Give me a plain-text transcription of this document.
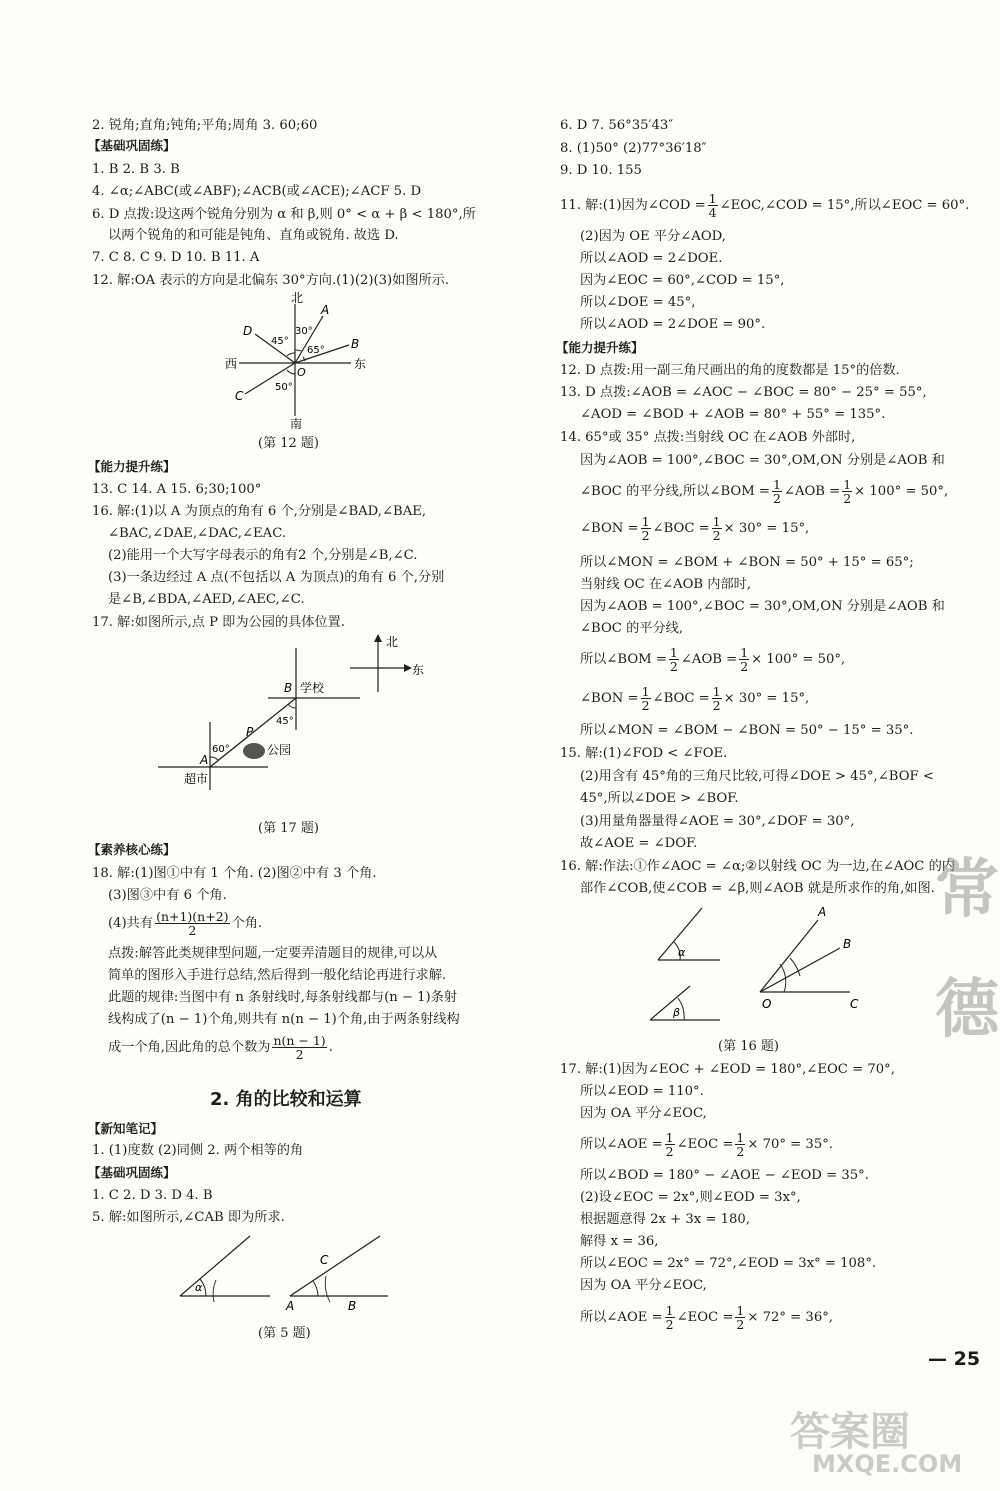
2. 锐角;直角;钝角;平角;周角 3. 60;60
【基础巩固练】
1. B 2. B 3. B
4. ∠α;∠ABC(或∠ABF);∠ACB(或∠ACE);∠ACF 5. D
6. D 点拨:设这两个锐角分别为 α 和 β,则 0° < α + β < 180°,所
以两个锐角的和可能是钝角、直角或锐角. 故选 D.
7. C 8. C 9. D 10. B 11. A
12. 解:OA 表示的方向是北偏东 30°方向.(1)(2)(3)如图所示.
北
南
西	东
D
A
B
C
O
45°
30°
65°
50°
(第 12 题)
【能力提升练】
13. C 14. A 15. 6;30;100°
16. 解:(1)以 A 为顶点的角有 6 个,分别是∠BAD,∠BAE,
∠BAC,∠DAE,∠DAC,∠EAC.
(2)能用一个大写字母表示的角有2 个,分别是∠B,∠C.
(3)一条边经过 A 点(不包括以 A 为顶点)的角有 6 个,分别
是∠B,∠BDA,∠AED,∠AEC,∠C.
17. 解:如图所示,点 P 即为公园的具体位置.
北
东
B 学校
P
45°
60°
A
公园
超市
(第 17 题)
【素养核心练】
18. 解:(1)图①中有 1 个角. (2)图②中有 3 个角.
(3)图③中有 6 个角.
(4)共有 $\frac{(n+1)(n+2)}{2}$ 个角.
点拨:解答此类规律型问题,一定要弄清题目的规律,可以从
简单的图形入手进行总结,然后得到一般化结论再进行求解.
此题的规律:当图中有 n 条射线时,每条射线都与(n − 1)条射
线构成了(n − 1)个角,则共有 n(n − 1)个角,由于两条射线构
成一个角,因此角的总个数为 $\frac{n(n - 1)}{2}$ .
2. 角的比较和运算
【新知笔记】
1. (1)度数 (2)同侧 2. 两个相等的角
【基础巩固练】
1. C 2. D 3. D 4. B
5. 解:如图所示,∠CAB 即为所求.
α
A	B
C
(第 5 题)
6. D 7. 56°35′43″
8. (1)50° (2)77°36′18″
9. D 10. 155
11. 解:(1)因为∠COD = $\frac{1}{4}$ ∠EOC,∠COD = 15°,所以∠EOC = 60°.
(2)因为 OE 平分∠AOD,
所以∠AOD = 2∠DOE.
因为∠EOC = 60°,∠COD = 15°,
所以∠DOE = 45°,
所以∠AOD = 2∠DOE = 90°.
【能力提升练】
12. D 点拨:用一副三角尺画出的角的度数都是 15°的倍数.
13. D 点拨:∠AOB = ∠AOC − ∠BOC = 80° − 25° = 55°,
∠AOD = ∠BOD + ∠AOB = 80° + 55° = 135°.
14. 65°或 35° 点拨:当射线 OC 在∠AOB 外部时,
因为∠AOB = 100°,∠BOC = 30°,OM,ON 分别是∠AOB 和
∠BOC 的平分线,所以∠BOM = $\frac{1}{2}$ ∠AOB = $\frac{1}{2} \times 100^\circ = 50^\circ$,
∠BON = $\frac{1}{2}$ ∠BOC = $\frac{1}{2} \times 30^\circ = 15^\circ$,
所以∠MON = ∠BOM + ∠BON = 50° + 15° = 65°;
当射线 OC 在∠AOB 内部时,
因为∠AOB = 100°,∠BOC = 30°,OM,ON 分别是∠AOB 和
∠BOC 的平分线,
所以∠BOM = $\frac{1}{2}$ ∠AOB = $\frac{1}{2} \times 100^\circ = 50^\circ$,
∠BON = $\frac{1}{2}$ ∠BOC = $\frac{1}{2} \times 30^\circ = 15^\circ$,
所以∠MON = ∠BOM − ∠BON = 50° − 15° = 35°.
15. 解:(1)∠FOD < ∠FOE.
(2)用含有 45°角的三角尺比较,可得∠DOE > 45°,∠BOF <
45°,所以∠DOE > ∠BOF.
(3)用量角器量得∠AOE = 30°,∠DOF = 30°,
故∠AOE = ∠DOF.
16. 解:作法:①作∠AOC = ∠α;②以射线 OC 为一边,在∠AOC 的内
部作∠COB,使∠COB = ∠β,则∠AOB 就是所求作的角,如图.
α
β
A
B
O	C
(第 16 题)
17. 解:(1)因为∠EOC + ∠EOD = 180°,∠EOC = 70°,
所以∠EOD = 110°.
因为 OA 平分∠EOC,
所以∠AOE = $\frac{1}{2}$ ∠EOC = $\frac{1}{2} \times 70^\circ = 35^\circ$.
所以∠BOD = 180° − ∠AOE − ∠EOD = 35°.
(2)设∠EOC = 2x°,则∠EOD = 3x°,
根据题意得 2x + 3x = 180,
解得 x = 36,
所以∠EOC = 2x° = 72°,∠EOD = 3x° = 108°.
因为 OA 平分∠EOC,
所以∠AOE = $\frac{1}{2}$ ∠EOC = $\frac{1}{2} \times 72^\circ = 36^\circ$,
常德
— 25
答案圈
MXQE.COM
